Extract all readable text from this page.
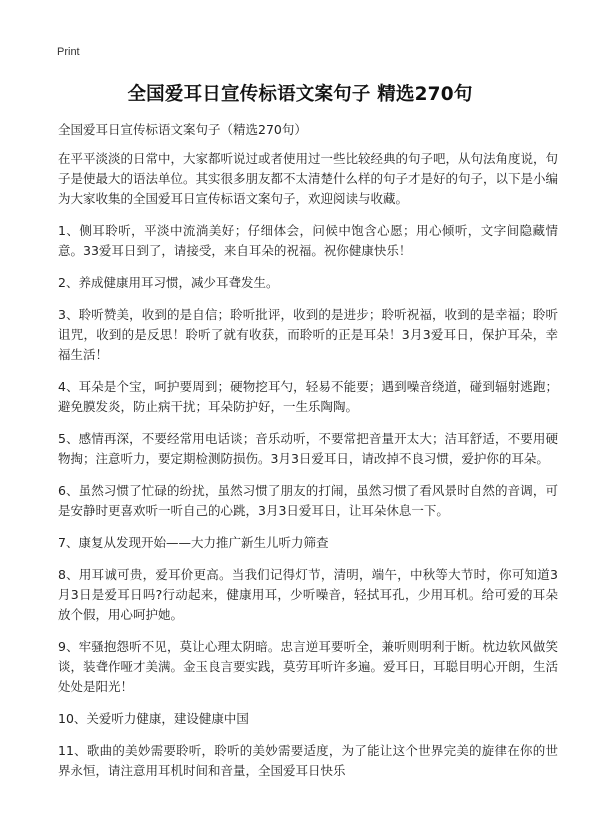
Print
全国爱耳日宣传标语文案句子 精选270句
全国爱耳日宣传标语文案句子（精选270句）

在平平淡淡的日常中，大家都听说过或者使用过一些比较经典的句子吧，从句法角度说，句子是使最大的语法单位。其实很多朋友都不太清楚什么样的句子才是好的句子，以下是小编为大家收集的全国爱耳日宣传标语文案句子，欢迎阅读与收藏。

1、侧耳聆听，平淡中流淌美好；仔细体会，问候中饱含心愿；用心倾听，文字间隐藏情意。33爱耳日到了，请接受，来自耳朵的祝福。祝你健康快乐！

2、养成健康用耳习惯，减少耳聋发生。

3、聆听赞美，收到的是自信；聆听批评，收到的是进步；聆听祝福，收到的是幸福；聆听诅咒，收到的是反思！聆听了就有收获，而聆听的正是耳朵！3月3爱耳日，保护耳朵，幸福生活！

4、耳朵是个宝，呵护要周到；硬物挖耳勺，轻易不能要；遇到噪音绕道，碰到辐射逃跑；避免膜发炎，防止病干扰；耳朵防护好，一生乐陶陶。

5、感情再深，不要经常用电话谈；音乐动听，不要常把音量开太大；洁耳舒适，不要用硬物掏；注意听力，要定期检测防损伤。3月3日爱耳日，请改掉不良习惯，爱护你的耳朵。

6、虽然习惯了忙碌的纷扰，虽然习惯了朋友的打闹，虽然习惯了看风景时自然的音调，可是安静时更喜欢听一听自己的心跳，3月3日爱耳日，让耳朵休息一下。

7、康复从发现开始——大力推广新生儿听力筛查

8、用耳诚可贵，爱耳价更高。当我们记得灯节，清明，端午，中秋等大节时，你可知道3月3日是爱耳日吗?行动起来，健康用耳，少听噪音，轻拭耳孔，少用耳机。给可爱的耳朵放个假，用心呵护她。

9、牢骚抱怨听不见，莫让心理太阴暗。忠言逆耳要听全，兼听则明利于断。枕边软风做笑谈，装聋作哑才美满。金玉良言要实践，莫劳耳听许多遍。爱耳日，耳聪目明心开朗，生活处处是阳光！

10、关爱听力健康，建设健康中国

11、歌曲的美妙需要聆听，聆听的美妙需要适度，为了能让这个世界完美的旋律在你的世界永恒，请注意用耳机时间和音量，全国爱耳日快乐
